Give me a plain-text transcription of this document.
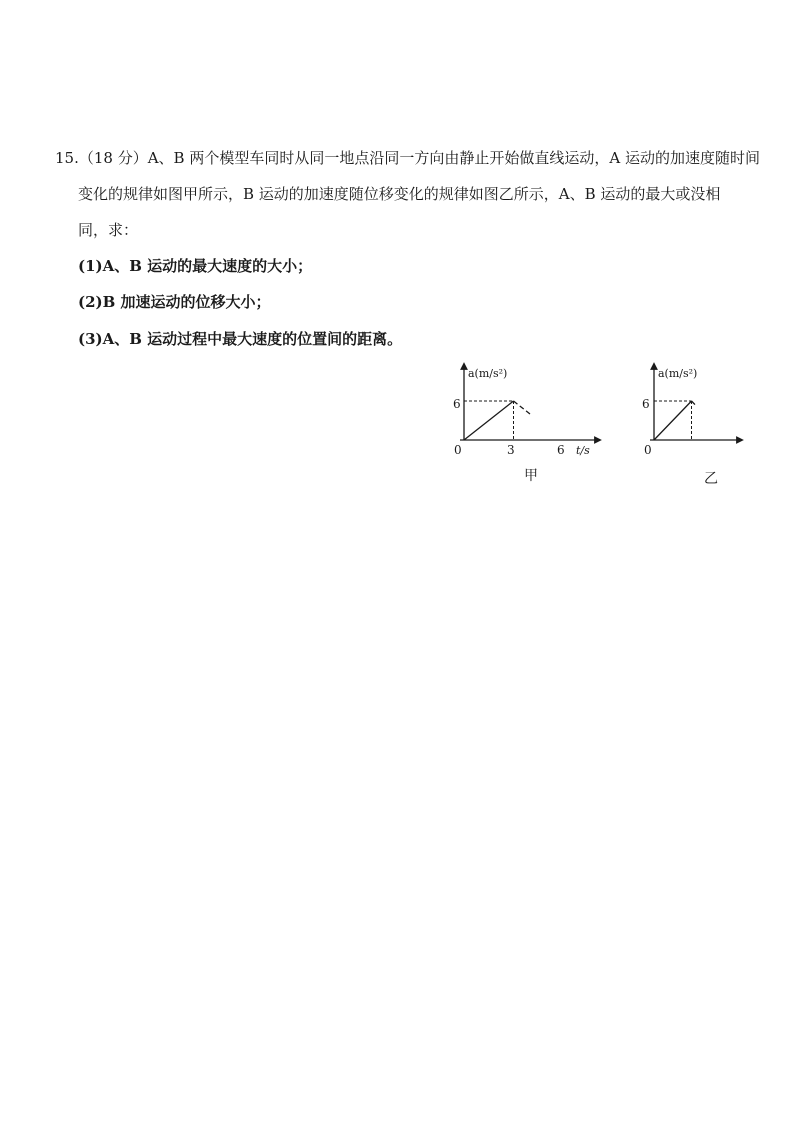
15.（18 分）A、B 两个模型车同时从同一地点沿同一方向由静止开始做直线运动，A 运动的加速度随时间
变化的规律如图甲所示，B 运动的加速度随位移变化的规律如图乙所示，A、B 运动的最大或没相
同，求：
(1)A、B 运动的最大速度的大小；
(2)B 加速运动的位移大小；
(3)A、B 运动过程中最大速度的位置间的距离。
a(m/s²)
6
0	3	6 t/s
甲
a(m/s²)
6
0
乙
